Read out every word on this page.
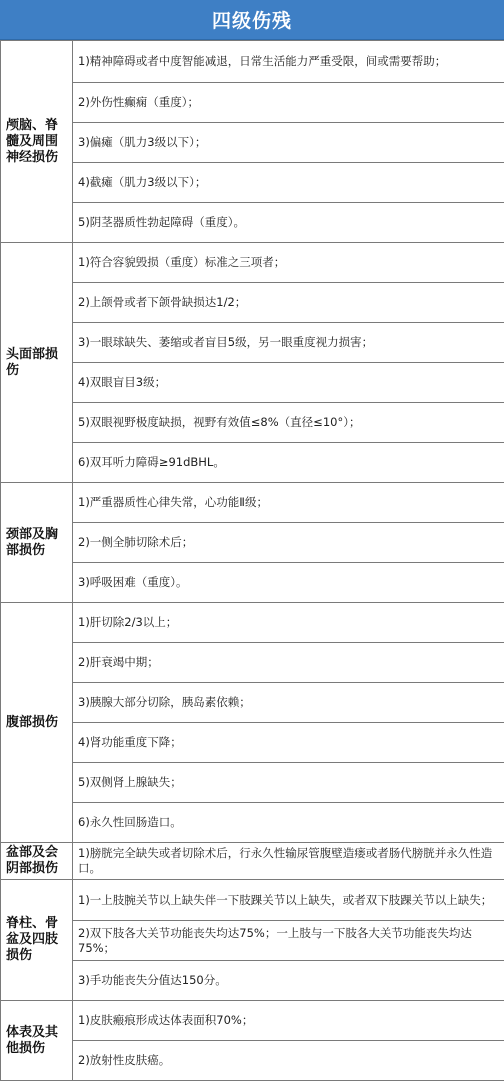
四级伤残
颅脑、脊髓及周围神经损伤	1)精神障碍或者中度智能减退，日常生活能力严重受限，间或需要帮助；
	2)外伤性癫痫（重度）；
	3)偏瘫（肌力3级以下）；
	4)截瘫（肌力3级以下）；
	5)阴茎器质性勃起障碍（重度）。
头面部损伤	1)符合容貌毁损（重度）标准之三项者；
	2)上颌骨或者下颌骨缺损达1/2；
	3)一眼球缺失、萎缩或者盲目5级，另一眼重度视力损害；
	4)双眼盲目3级；
	5)双眼视野极度缺损，视野有效值≤8%（直径≤10°）；
	6)双耳听力障碍≥91dBHL。
颈部及胸部损伤	1)严重器质性心律失常，心功能Ⅱ级；
	2)一侧全肺切除术后；
	3)呼吸困难（重度）。
腹部损伤	1)肝切除2/3以上；
	2)肝衰竭中期；
	3)胰腺大部分切除，胰岛素依赖；
	4)肾功能重度下降；
	5)双侧肾上腺缺失；
	6)永久性回肠造口。
盆部及会阴部损伤	1)膀胱完全缺失或者切除术后，行永久性输尿管腹壁造瘘或者肠代膀胱并永久性造口。
脊柱、骨盆及四肢损伤	1)一上肢腕关节以上缺失伴一下肢踝关节以上缺失，或者双下肢踝关节以上缺失；
	2)双下肢各大关节功能丧失均达75%；一上肢与一下肢各大关节功能丧失均达75%；
	3)手功能丧失分值达150分。
体表及其他损伤	1)皮肤瘢痕形成达体表面积70%；
	2)放射性皮肤癌。
